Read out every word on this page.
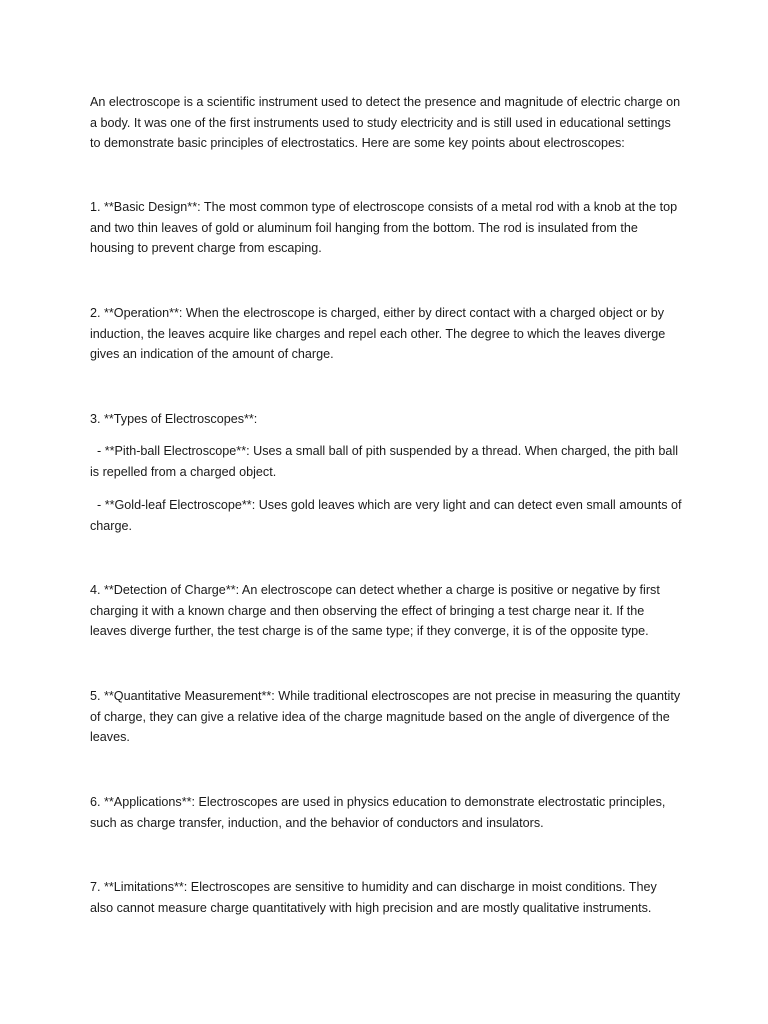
An electroscope is a scientific instrument used to detect the presence and magnitude of electric charge on a body. It was one of the first instruments used to study electricity and is still used in educational settings to demonstrate basic principles of electrostatics. Here are some key points about electroscopes:

1. **Basic Design**: The most common type of electroscope consists of a metal rod with a knob at the top and two thin leaves of gold or aluminum foil hanging from the bottom. The rod is insulated from the housing to prevent charge from escaping.

2. **Operation**: When the electroscope is charged, either by direct contact with a charged object or by induction, the leaves acquire like charges and repel each other. The degree to which the leaves diverge gives an indication of the amount of charge.

3. **Types of Electroscopes**:

- **Pith-ball Electroscope**: Uses a small ball of pith suspended by a thread. When charged, the pith ball is repelled from a charged object.

- **Gold-leaf Electroscope**: Uses gold leaves which are very light and can detect even small amounts of charge.

4. **Detection of Charge**: An electroscope can detect whether a charge is positive or negative by first charging it with a known charge and then observing the effect of bringing a test charge near it. If the leaves diverge further, the test charge is of the same type; if they converge, it is of the opposite type.

5. **Quantitative Measurement**: While traditional electroscopes are not precise in measuring the quantity of charge, they can give a relative idea of the charge magnitude based on the angle of divergence of the leaves.

6. **Applications**: Electroscopes are used in physics education to demonstrate electrostatic principles, such as charge transfer, induction, and the behavior of conductors and insulators.

7. **Limitations**: Electroscopes are sensitive to humidity and can discharge in moist conditions. They also cannot measure charge quantitatively with high precision and are mostly qualitative instruments.
